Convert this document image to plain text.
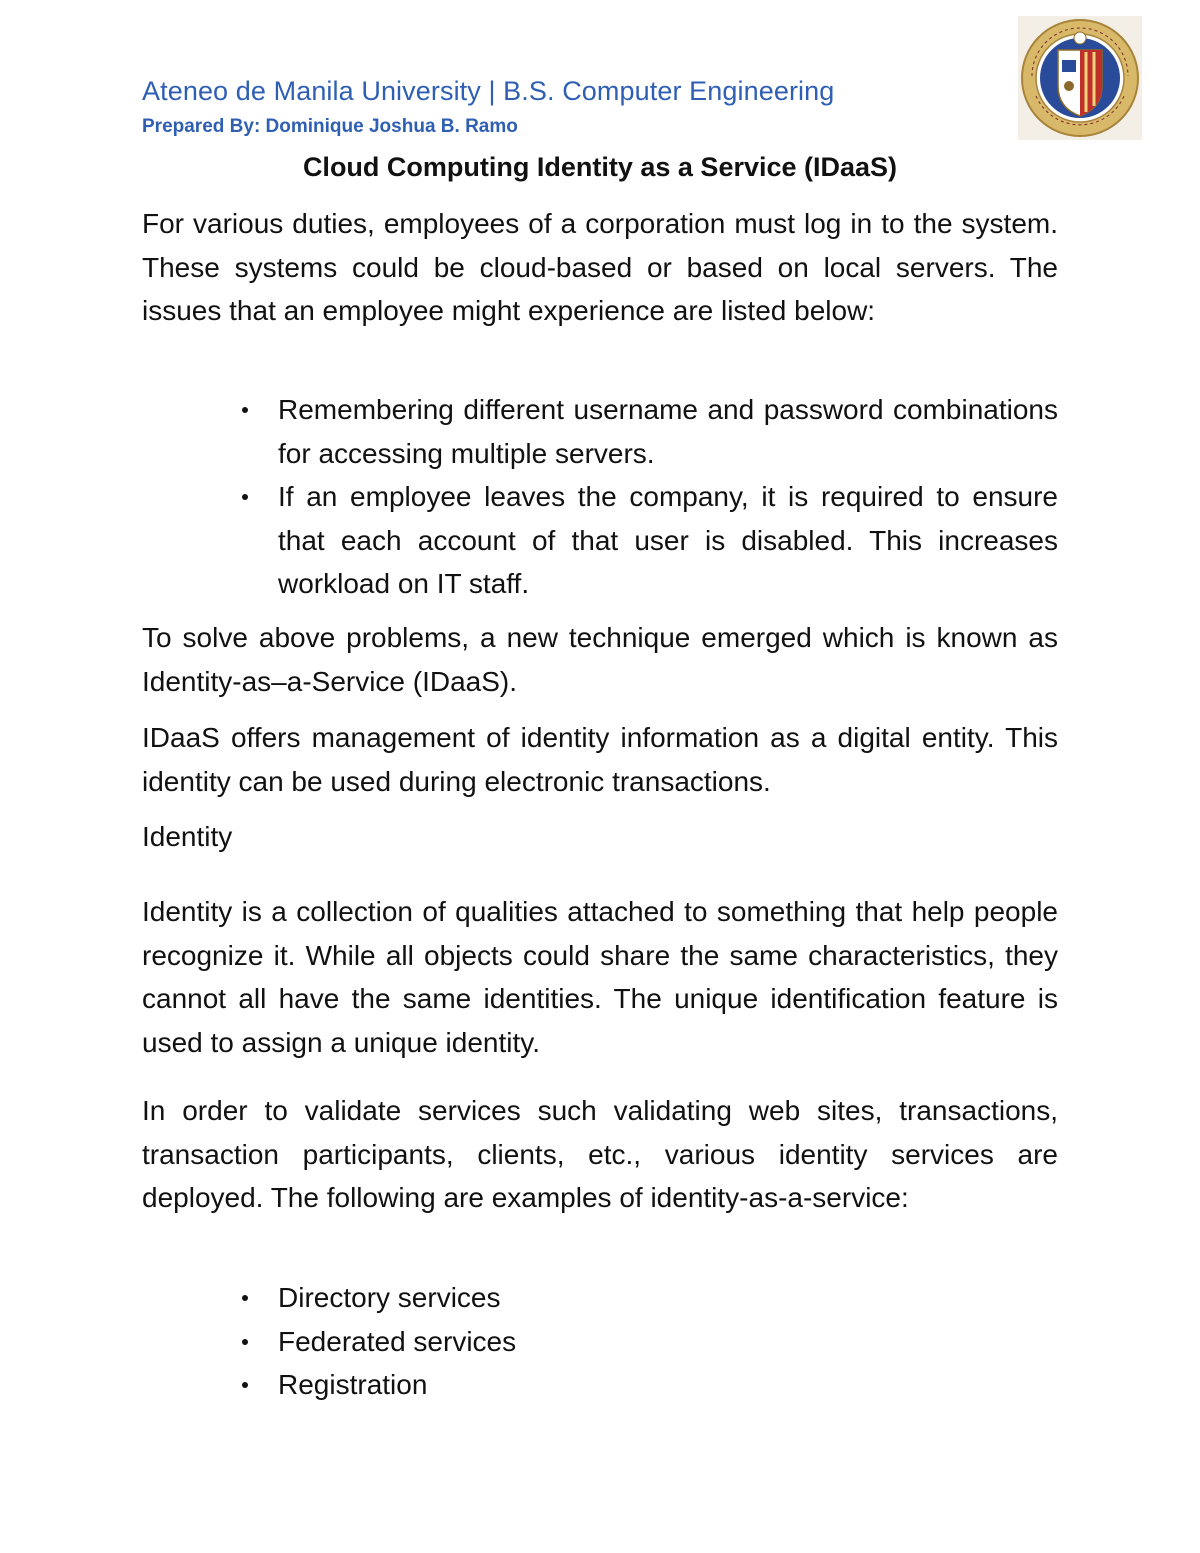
Ateneo de Manila University | B.S. Computer Engineering
Prepared By: Dominique Joshua B. Ramo
Cloud Computing Identity as a Service (IDaaS)

For various duties, employees of a corporation must log in to the system. These systems could be cloud-based or based on local servers. The issues that an employee might experience are listed below:

Remembering different username and password combinations for accessing multiple servers.
If an employee leaves the company, it is required to ensure that each account of that user is disabled. This increases workload on IT staff.

To solve above problems, a new technique emerged which is known as Identity-as–a-Service (IDaaS).

IDaaS offers management of identity information as a digital entity. This identity can be used during electronic transactions.

Identity

Identity is a collection of qualities attached to something that help people recognize it. While all objects could share the same characteristics, they cannot all have the same identities. The unique identification feature is used to assign a unique identity.

In order to validate services such validating web sites, transactions, transaction participants, clients, etc., various identity services are deployed. The following are examples of identity-as-a-service:

Directory services
Federated services
Registration
